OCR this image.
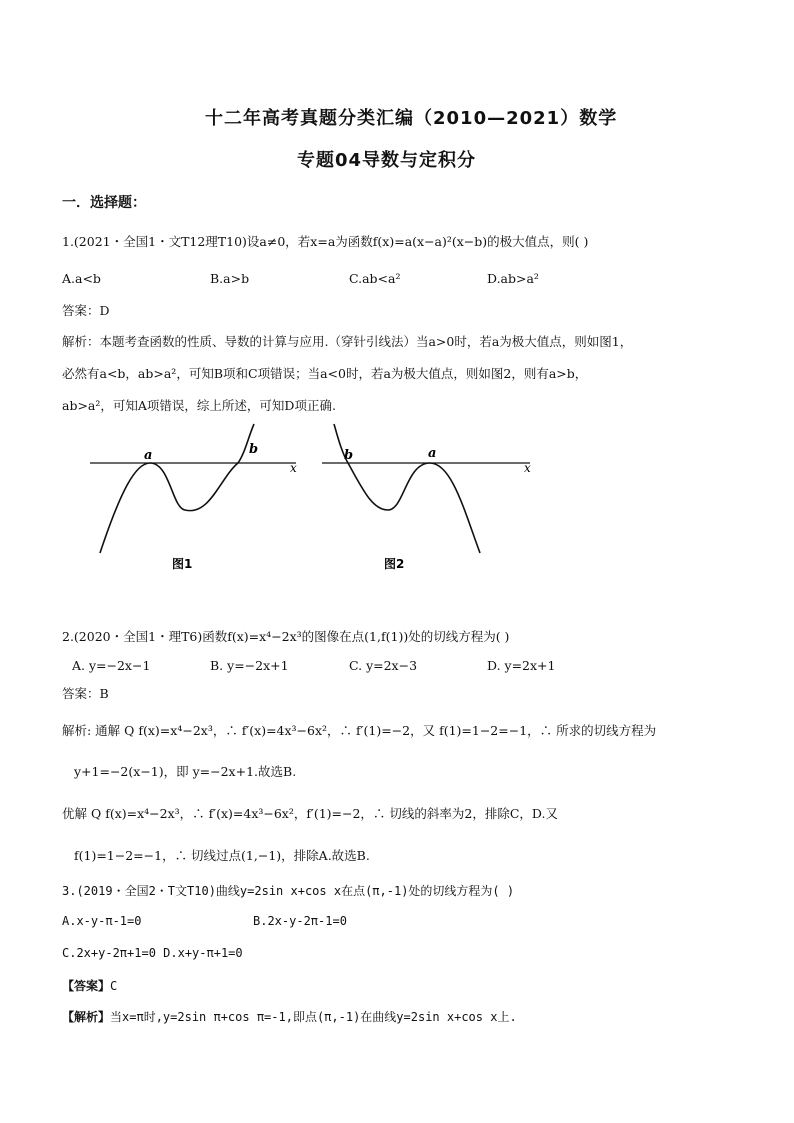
十二年高考真题分类汇编（2010—2021）数学
专题04导数与定积分
一．选择题：
1.(2021・全国1・文T12理T10)设a≠0，若x=a为函数f(x)=a(x−a)²(x−b)的极大值点，则( )
A.a<b	B.a>b	C.ab<a²	D.ab>a²
答案：D
解析：本题考查函数的性质、导数的计算与应用.（穿针引线法）当a>0时，若a为极大值点，则如图1，
必然有a<b，ab>a²，可知B项和C项错误；当a<0时，若a为极大值点，则如图2，则有a>b，
ab>a²，可知A项错误，综上所述，可知D项正确.
a	b
x
图1
b	a
x
图2
2.(2020・全国1・理T6)函数f(x)=x⁴−2x³的图像在点(1,f(1))处的切线方程为( )
A. y=−2x−1	B. y=−2x+1	C. y=2x−3	D. y=2x+1
答案：B
解析: 通解 Q f(x)=x⁴−2x³，∴ f′(x)=4x³−6x²，∴ f′(1)=−2，又 f(1)=1−2=−1，∴ 所求的切线方程为
y+1=−2(x−1)，即 y=−2x+1.故选B.
优解 Q f(x)=x⁴−2x³，∴ f′(x)=4x³−6x²，f′(1)=−2，∴ 切线的斜率为2，排除C，D.又
f(1)=1−2=−1，∴ 切线过点(1,−1)，排除A.故选B.
3.(2019・全国2・T文T10)曲线y=2sin x+cos x在点(π,-1)处的切线方程为( )
A.x-y-π-1=0	B.2x-y-2π-1=0
C.2x+y-2π+1=0 D.x+y-π+1=0
【答案】C
【解析】当x=π时,y=2sin π+cos π=-1,即点(π,-1)在曲线y=2sin x+cos x上.
